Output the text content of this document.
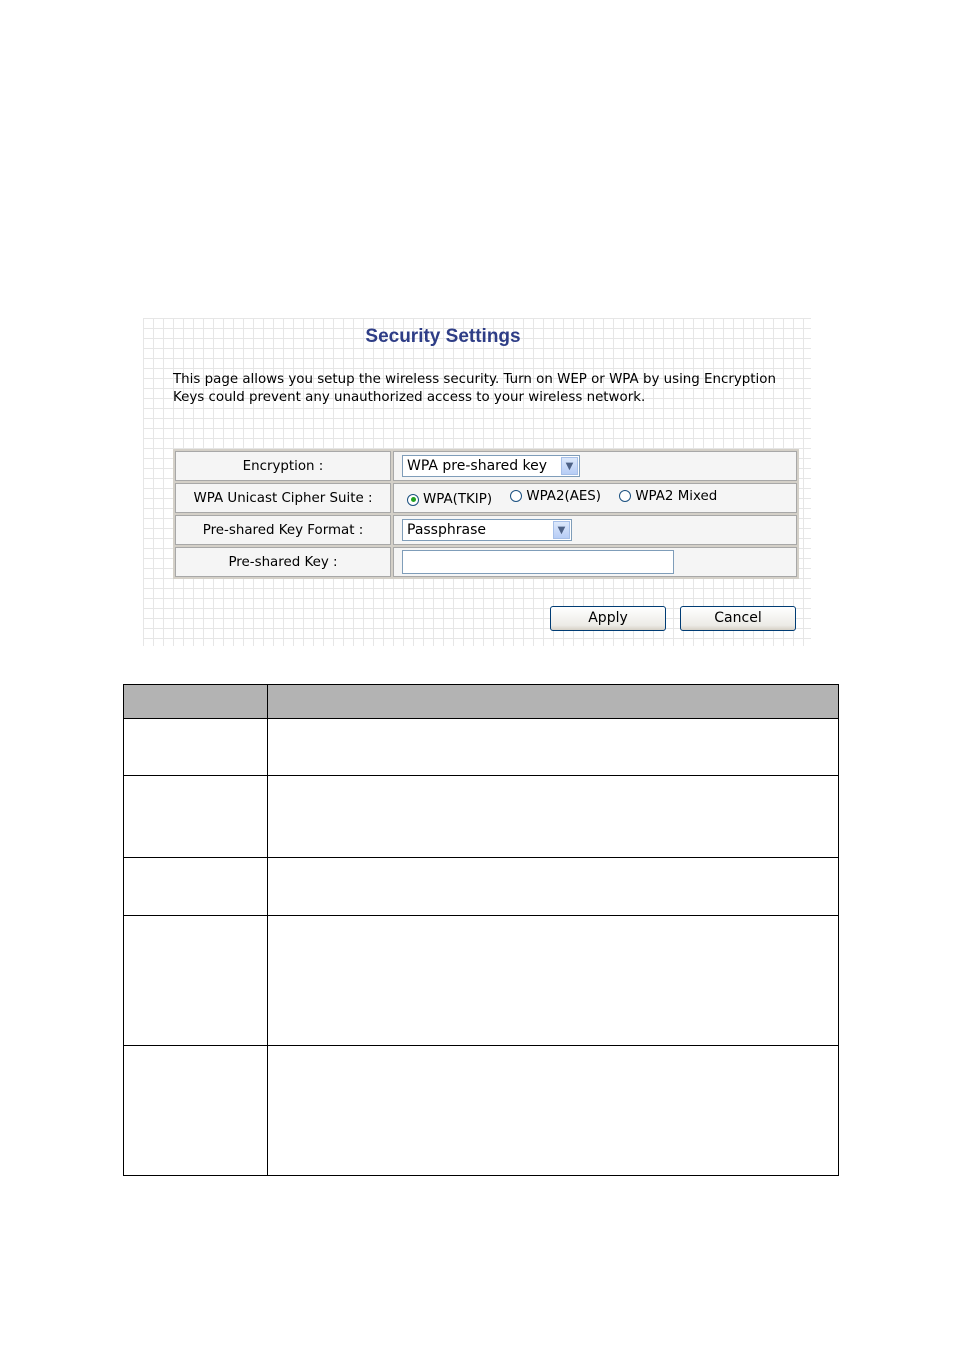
Security Settings
This page allows you setup the wireless security. Turn on WEP or WPA by using Encryption
Keys could prevent any unauthorized access to your wireless network.
Encryption :	WPA pre-shared key ▼

WPA Unicast Cipher Suite :	WPA(TKIP)
WPA2(AES)
WPA2 Mixed

Pre-shared Key Format :	Passphrase ▼

Pre-shared Key :	
Apply	Cancel
